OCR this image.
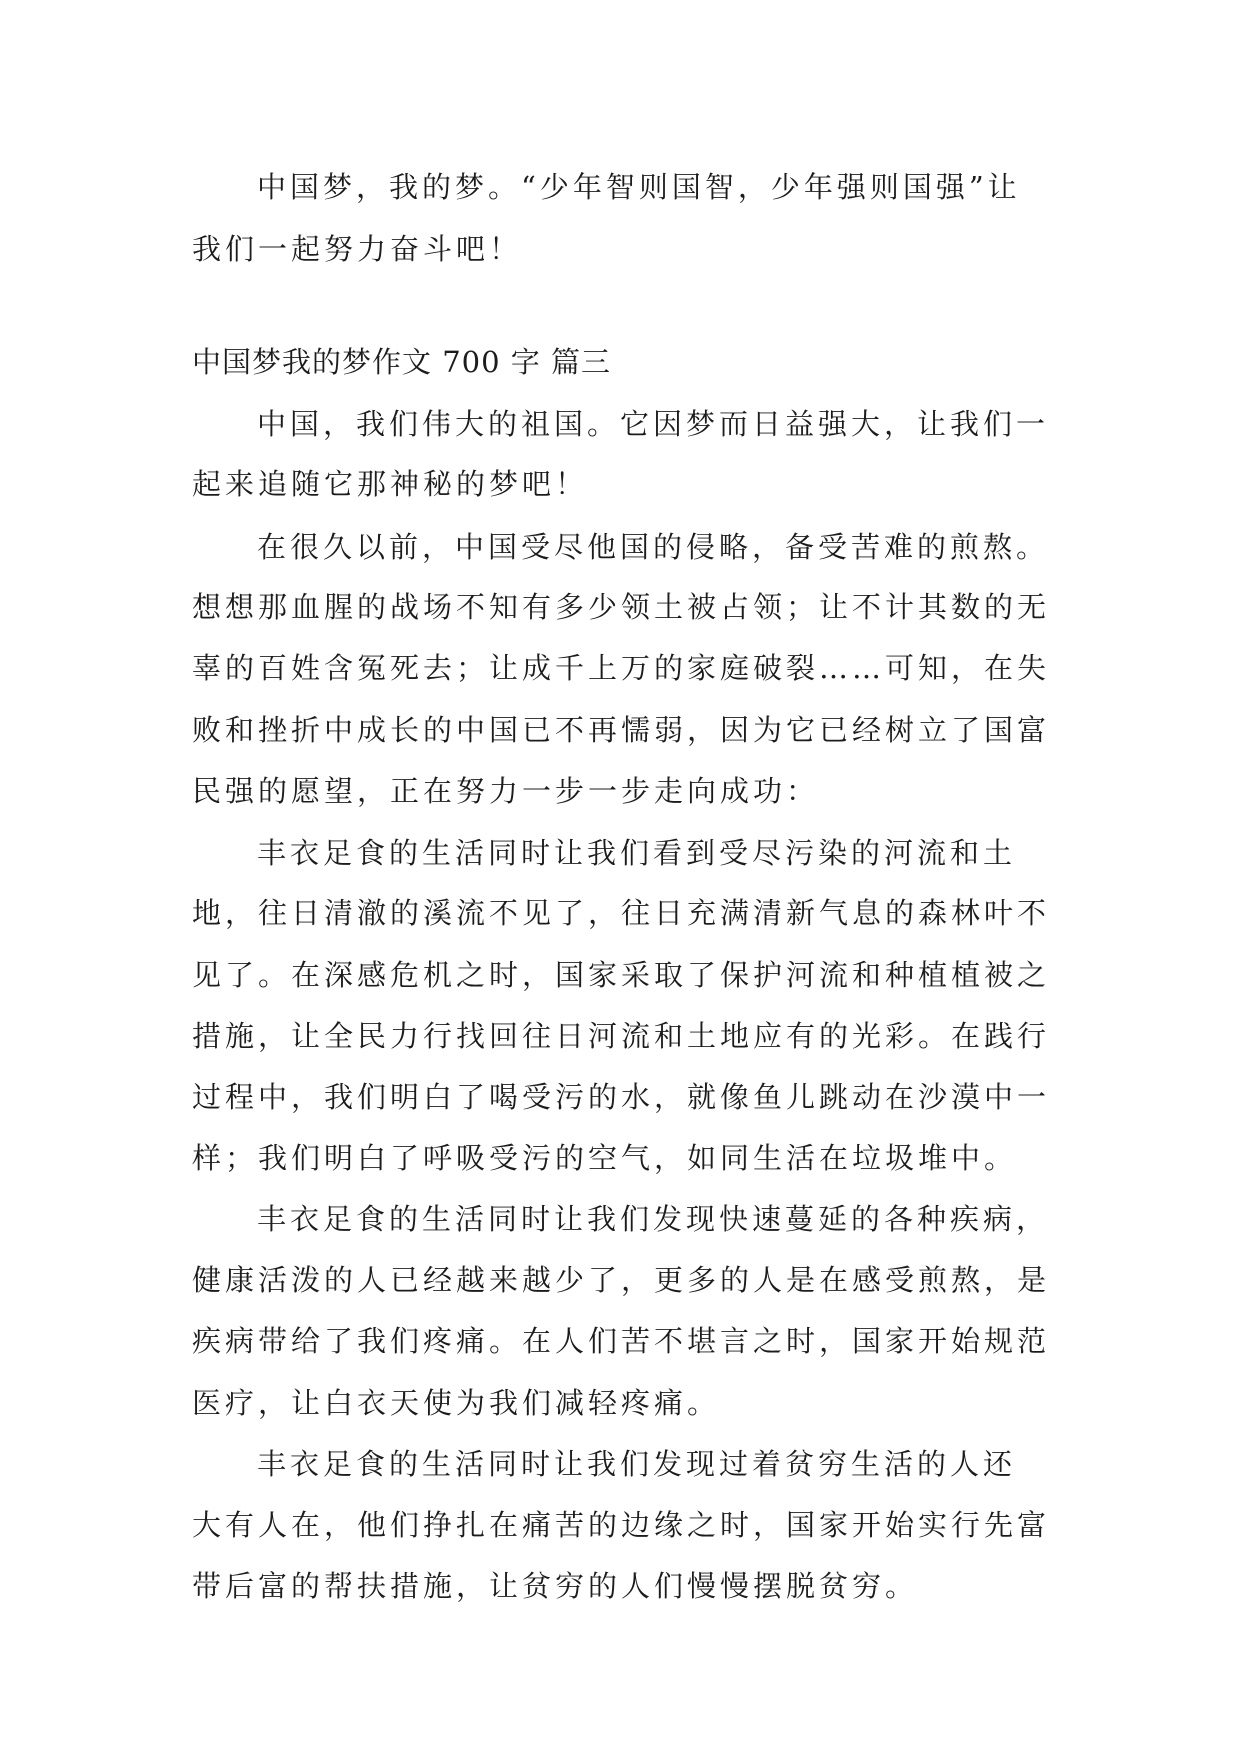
中国梦，我的梦。“少年智则国智，少年强则国强”让

我们一起努力奋斗吧！

中国梦我的梦作文 700 字 篇三

中国，我们伟大的祖国。它因梦而日益强大，让我们一

起来追随它那神秘的梦吧！

在很久以前，中国受尽他国的侵略，备受苦难的煎熬。

想想那血腥的战场不知有多少领土被占领；让不计其数的无

辜的百姓含冤死去；让成千上万的家庭破裂……可知，在失

败和挫折中成长的中国已不再懦弱，因为它已经树立了国富

民强的愿望，正在努力一步一步走向成功：

丰衣足食的生活同时让我们看到受尽污染的河流和土

地，往日清澈的溪流不见了，往日充满清新气息的森林叶不

见了。在深感危机之时，国家采取了保护河流和种植植被之

措施，让全民力行找回往日河流和土地应有的光彩。在践行

过程中，我们明白了喝受污的水，就像鱼儿跳动在沙漠中一

样；我们明白了呼吸受污的空气，如同生活在垃圾堆中。

丰衣足食的生活同时让我们发现快速蔓延的各种疾病，

健康活泼的人已经越来越少了，更多的人是在感受煎熬，是

疾病带给了我们疼痛。在人们苦不堪言之时，国家开始规范

医疗，让白衣天使为我们减轻疼痛。

丰衣足食的生活同时让我们发现过着贫穷生活的人还

大有人在，他们挣扎在痛苦的边缘之时，国家开始实行先富

带后富的帮扶措施，让贫穷的人们慢慢摆脱贫穷。
